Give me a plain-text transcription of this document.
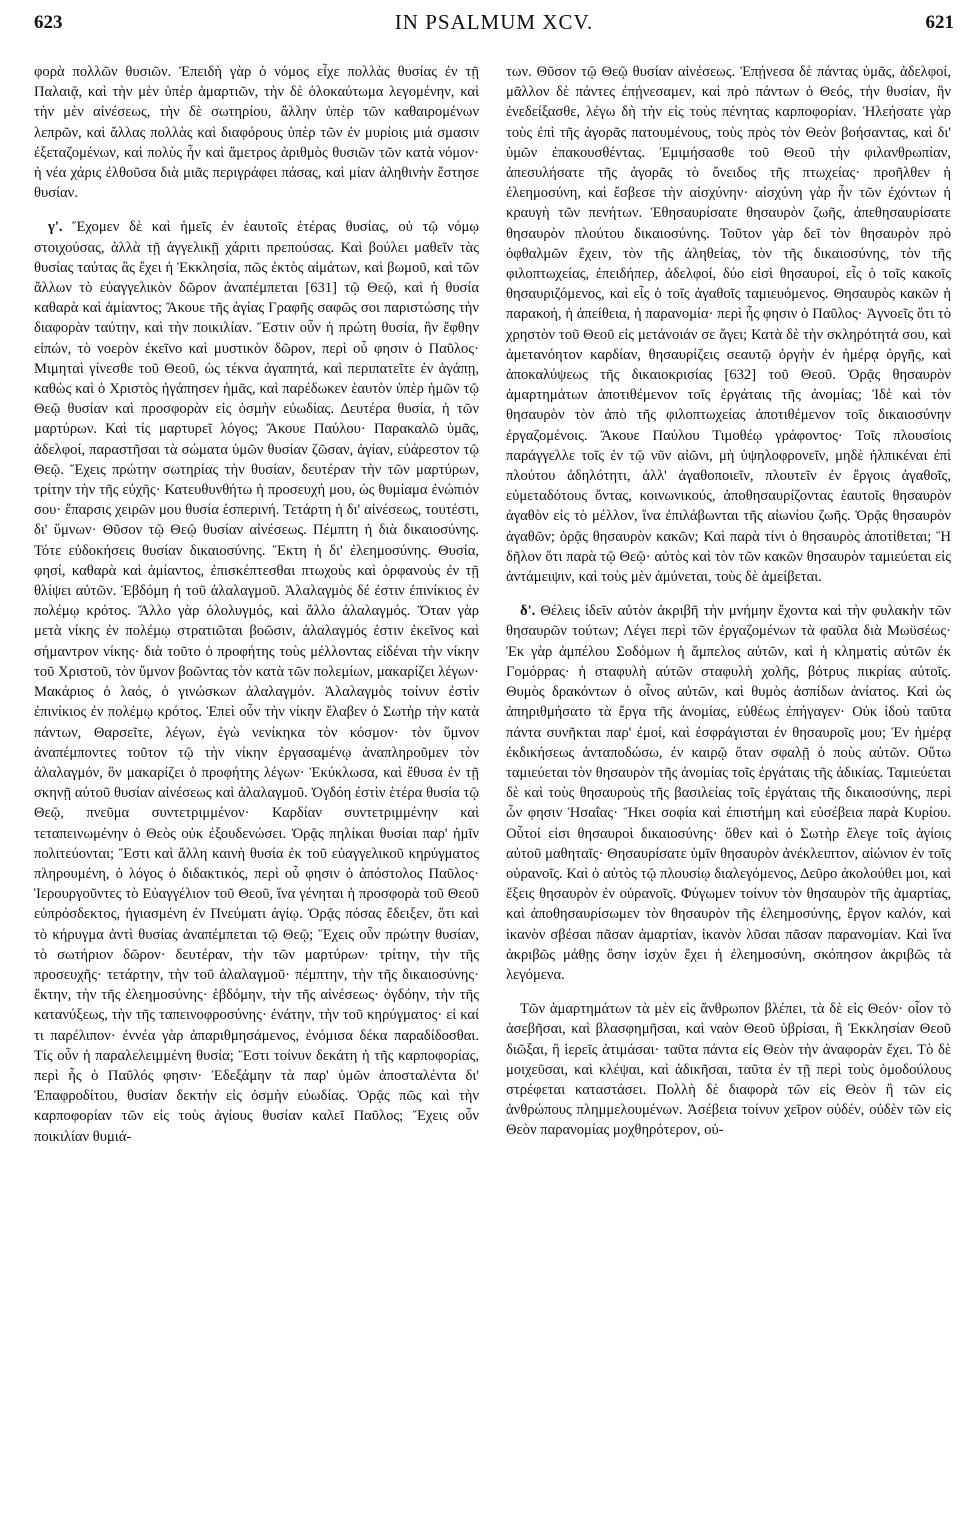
623	IN PSALMUM XCV.	621

φορὰ πολλῶν θυσιῶν. Ἐπειδὴ γὰρ ὁ νόμος εἶχε πολλὰς θυσίας ἐν τῇ Παλαιᾷ, καὶ τὴν μὲν ὑπὲρ ἁμαρτιῶν, τὴν δὲ ὁλοκαύτωμα λεγομένην, καὶ τὴν μὲν αἰνέσεως, τὴν δὲ σωτηρίου, ἄλλην ὑπὲρ τῶν καθαιρομένων λεπρῶν, καὶ ἄλλας πολλὰς καὶ διαφόρους ὑπὲρ τῶν ἐν μυρίοις μιά σμασιν ἐξεταζομένων, καὶ πολὺς ἦν καὶ ἄμετρος ἀριθμὸς θυσιῶν τῶν κατὰ νόμον· ἡ νέα χάρις ἐλθοῦσα διὰ μιᾶς περιγράφει πάσας, καὶ μίαν ἀληθινὴν ἔστησε θυσίαν.

γ'. Ἔχομεν δὲ καὶ ἡμεῖς ἐν ἑαυτοῖς ἑτέρας θυσίας, οὐ τῷ νόμῳ στοιχούσας, ἀλλὰ τῇ ἀγγελικῇ χάριτι πρεπούσας. Καὶ βούλει μαθεῖν τὰς θυσίας ταύτας ἃς ἔχει ἡ Ἐκκλησία, πῶς ἐκτὸς αἱμάτων, καὶ βωμοῦ, καὶ τῶν ἄλλων τὸ εὐαγγελικὸν δῶρον ἀναπέμπεται [631] τῷ Θεῷ, καὶ ἡ θυσία καθαρὰ καὶ ἀμίαντος; Ἄκουε τῆς ἁγίας Γραφῆς σαφῶς σοι παριστώσης τὴν διαφορὰν ταύτην, καὶ τὴν ποικιλίαν. Ἔστιν οὖν ἡ πρώτη θυσία, ἣν ἔφθην εἰπών, τὸ νοερὸν ἐκεῖνο καὶ μυστικὸν δῶρον, περὶ οὗ φησιν ὁ Παῦλος· Μιμηταὶ γίνεσθε τοῦ Θεοῦ, ὡς τέκνα ἀγαπητά, καὶ περιπατεῖτε ἐν ἀγάπῃ, καθὼς καὶ ὁ Χριστὸς ἠγάπησεν ἡμᾶς, καὶ παρέδωκεν ἑαυτὸν ὑπὲρ ἡμῶν τῷ Θεῷ θυσίαν καὶ προσφορὰν εἰς ὀσμὴν εὐωδίας. Δευτέρα θυσία, ἡ τῶν μαρτύρων. Καὶ τίς μαρτυρεῖ λόγος; Ἄκουε Παύλου· Παρακαλῶ ὑμᾶς, ἀδελφοί, παραστῆσαι τὰ σώματα ὑμῶν θυσίαν ζῶσαν, ἁγίαν, εὐάρεστον τῷ Θεῷ. Ἔχεις πρώτην σωτηρίας τὴν θυσίαν, δευτέραν τὴν τῶν μαρτύρων, τρίτην τὴν τῆς εὐχῆς· Κατευθυνθήτω ἡ προσευχή μου, ὡς θυμίαμα ἐνώπιόν σου· ἔπαρσις χειρῶν μου θυσία ἑσπερινή. Τετάρτη ἡ δι' αἰνέσεως, τουτέστι, δι' ὕμνων· Θῦσον τῷ Θεῷ θυσίαν αἰνέσεως. Πέμπτη ἡ διὰ δικαιοσύνης. Τότε εὐδοκήσεις θυσίαν δικαιοσύνης. Ἕκτη ἡ δι' ἐλεημοσύνης. Θυσία, φησί, καθαρὰ καὶ ἀμίαντος, ἐπισκέπτεσθαι πτωχοὺς καὶ ὀρφανοὺς ἐν τῇ θλίψει αὐτῶν. Ἑβδόμη ἡ τοῦ ἀλαλαγμοῦ. Ἀλαλαγμὸς δέ ἐστιν ἐπινίκιος ἐν πολέμῳ κρότος. Ἄλλο γὰρ ὀλολυγμός, καὶ ἄλλο ἀλαλαγμός. Ὅταν γὰρ μετὰ νίκης ἐν πολέμῳ στρατιῶται βοῶσιν, ἀλαλαγμός ἐστιν ἐκεῖνος καὶ σήμαντρον νίκης· διὰ τοῦτο ὁ προφήτης τοὺς μέλλοντας εἰδέναι τὴν νίκην τοῦ Χριστοῦ, τὸν ὕμνον βοῶντας τὸν κατὰ τῶν πολεμίων, μακαρίζει λέγων· Μακάριος ὁ λαός, ὁ γινώσκων ἀλαλαγμόν. Ἀλαλαγμὸς τοίνυν ἐστὶν ἐπινίκιος ἐν πολέμῳ κρότος. Ἐπεὶ οὖν τὴν νίκην ἔλαβεν ὁ Σωτὴρ τὴν κατὰ πάντων, Θαρσεῖτε, λέγων, ἐγὼ νενίκηκα τὸν κόσμον· τὸν ὕμνον ἀναπέμποντες τοῦτον τῷ τὴν νίκην ἐργασαμένῳ ἀναπληροῦμεν τὸν ἀλαλαγμόν, ὃν μακαρίζει ὁ προφήτης λέγων· Ἐκύκλωσα, καὶ ἔθυσα ἐν τῇ σκηνῇ αὐτοῦ θυσίαν αἰνέσεως καὶ ἀλαλαγμοῦ. Ὀγδόη ἐστὶν ἑτέρα θυσία τῷ Θεῷ, πνεῦμα συντετριμμένον· Καρδίαν συντετριμμένην καὶ τεταπεινωμένην ὁ Θεὸς οὐκ ἐξουδενώσει. Ὁρᾷς πηλίκαι θυσίαι παρ' ἡμῖν πολιτεύονται; Ἔστι καὶ ἄλλη καινὴ θυσία ἐκ τοῦ εὐαγγελικοῦ κηρύγματος πληρουμένη, ὁ λόγος ὁ διδακτικός, περὶ οὗ φησιν ὁ ἀπόστολος Παῦλος· Ἱερουργοῦντες τὸ Εὐαγγέλιον τοῦ Θεοῦ, ἵνα γένηται ἡ προσφορὰ τοῦ Θεοῦ εὐπρόσδεκτος, ἡγιασμένη ἐν Πνεύματι ἁγίῳ. Ὁρᾷς πόσας ἔδειξεν, ὅτι καὶ τὸ κήρυγμα ἀντὶ θυσίας ἀναπέμπεται τῷ Θεῷ; Ἔχεις οὖν πρώτην θυσίαν, τὸ σωτήριον δῶρον· δευτέραν, τὴν τῶν μαρτύρων· τρίτην, τὴν τῆς προσευχῆς· τετάρτην, τὴν τοῦ ἀλαλαγμοῦ· πέμπτην, τὴν τῆς δικαιοσύνης· ἕκτην, τὴν τῆς ἐλεημοσύνης· ἑβδόμην, τὴν τῆς αἰνέσεως· ὀγδόην, τὴν τῆς κατανύξεως, τὴν τῆς ταπεινοφροσύνης· ἐνάτην, τὴν τοῦ κηρύγματος· εἰ καί τι παρέλιπον· ἐννέα γὰρ ἀπαριθμησάμενος, ἐνόμισα δέκα παραδίδοσθαι. Τίς οὖν ἡ παραλελειμμένη θυσία; Ἔστι τοίνυν δεκάτη ἡ τῆς καρποφορίας, περὶ ἧς ὁ Παῦλός φησιν· Ἐδεξάμην τὰ παρ' ὑμῶν ἀποσταλέντα δι' Ἐπαφροδίτου, θυσίαν δεκτὴν εἰς ὀσμὴν εὐωδίας. Ὁρᾷς πῶς καὶ τὴν καρποφορίαν τῶν εἰς τοὺς ἁγίους θυσίαν καλεῖ Παῦλος; Ἔχεις οὖν ποικιλίαν θυμιά-

των. Θῦσον τῷ Θεῷ θυσίαν αἰνέσεως. Ἐπῄνεσα δὲ πάντας ὑμᾶς, ἀδελφοί, μᾶλλον δὲ πάντες ἐπῄνεσαμεν, καὶ πρὸ πάντων ὁ Θεός, τὴν θυσίαν, ἣν ἐνεδείξασθε, λέγω δὴ τὴν εἰς τοὺς πένητας καρποφορίαν. Ἠλεήσατε γὰρ τοὺς ἐπὶ τῆς ἀγορᾶς πατουμένους, τοὺς πρὸς τὸν Θεὸν βοήσαντας, καὶ δι' ὑμῶν ἐπακουσθέντας. Ἐμιμήσασθε τοῦ Θεοῦ τὴν φιλανθρωπίαν, ἀπεσυλήσατε τῆς ἀγορᾶς τὸ ὄνειδος τῆς πτωχείας· προῆλθεν ἡ ἐλεημοσύνη, καὶ ἔσβεσε τὴν αἰσχύνην· αἰσχύνη γὰρ ἦν τῶν ἐχόντων ἡ κραυγὴ τῶν πενήτων. Ἐθησαυρίσατε θησαυρὸν ζωῆς, ἀπεθησαυρίσατε θησαυρὸν πλούτου δικαιοσύνης. Τοῦτον γὰρ δεῖ τὸν θησαυρὸν πρὸ ὀφθαλμῶν ἔχειν, τὸν τῆς ἀληθείας, τὸν τῆς δικαιοσύνης, τὸν τῆς φιλοπτωχείας, ἐπειδήπερ, ἀδελφοί, δύο εἰσὶ θησαυροί, εἷς ὁ τοῖς κακοῖς θησαυριζόμενος, καὶ εἷς ὁ τοῖς ἀγαθοῖς ταμιευόμενος. Θησαυρὸς κακῶν ἡ παρακοή, ἡ ἀπείθεια, ἡ παρανομία· περὶ ἧς φησιν ὁ Παῦλος· Ἀγνοεῖς ὅτι τὸ χρηστὸν τοῦ Θεοῦ εἰς μετάνοιάν σε ἄγει; Κατὰ δὲ τὴν σκληρότητά σου, καὶ ἀμετανόητον καρδίαν, θησαυρίζεις σεαυτῷ ὀργὴν ἐν ἡμέρᾳ ὀργῆς, καὶ ἀποκαλύψεως τῆς δικαιοκρισίας [632] τοῦ Θεοῦ. Ὁρᾷς θησαυρὸν ἁμαρτημάτων ἀποτιθέμενον τοῖς ἐργάταις τῆς ἀνομίας; Ἰδὲ καὶ τὸν θησαυρὸν τὸν ἀπὸ τῆς φιλοπτωχείας ἀποτιθέμενον τοῖς δικαιοσύνην ἐργαζομένοις. Ἄκουε Παύλου Τιμοθέῳ γράφοντος· Τοῖς πλουσίοις παράγγελλε τοῖς ἐν τῷ νῦν αἰῶνι, μὴ ὑψηλοφρονεῖν, μηδὲ ἠλπικέναι ἐπὶ πλούτου ἀδηλότητι, ἀλλ' ἀγαθοποιεῖν, πλουτεῖν ἐν ἔργοις ἀγαθοῖς, εὐμεταδότους ὄντας, κοινωνικούς, ἀποθησαυρίζοντας ἑαυτοῖς θησαυρὸν ἀγαθὸν εἰς τὸ μέλλον, ἵνα ἐπιλάβωνται τῆς αἰωνίου ζωῆς. Ὁρᾷς θησαυρὸν ἀγαθῶν; ὁρᾷς θησαυρὸν κακῶν; Καὶ παρὰ τίνι ὁ θησαυρὸς ἀποτίθεται; Ἢ δῆλον ὅτι παρὰ τῷ Θεῷ· αὐτὸς καὶ τὸν τῶν κακῶν θησαυρὸν ταμιεύεται εἰς ἀντάμειψιν, καὶ τοὺς μὲν ἀμύνεται, τοὺς δὲ ἀμείβεται.

δ'. Θέλεις ἰδεῖν αὐτὸν ἀκριβῆ τὴν μνήμην ἔχοντα καὶ τὴν φυλακὴν τῶν θησαυρῶν τούτων; Λέγει περὶ τῶν ἐργαζομένων τὰ φαῦλα διὰ Μωϋσέως· Ἐκ γὰρ ἀμπέλου Σοδόμων ἡ ἄμπελος αὐτῶν, καὶ ἡ κληματὶς αὐτῶν ἐκ Γομόρρας· ἡ σταφυλὴ αὐτῶν σταφυλὴ χολῆς, βότρυς πικρίας αὐτοῖς. Θυμὸς δρακόντων ὁ οἶνος αὐτῶν, καὶ θυμὸς ἀσπίδων ἀνίατος. Καὶ ὡς ἀπηριθμήσατο τὰ ἔργα τῆς ἀνομίας, εὐθέως ἐπήγαγεν· Οὐκ ἰδοὺ ταῦτα πάντα συνῆκται παρ' ἐμοί, καὶ ἐσφράγισται ἐν θησαυροῖς μου; Ἐν ἡμέρᾳ ἐκδικήσεως ἀνταποδώσω, ἐν καιρῷ ὅταν σφαλῇ ὁ ποὺς αὐτῶν. Οὕτω ταμιεύεται τὸν θησαυρὸν τῆς ἀνομίας τοῖς ἐργάταις τῆς ἀδικίας. Ταμιεύεται δὲ καὶ τοὺς θησαυροὺς τῆς βασιλείας τοῖς ἐργάταις τῆς δικαιοσύνης, περὶ ὧν φησιν Ἡσαΐας· Ἥκει σοφία καὶ ἐπιστήμη καὶ εὐσέβεια παρὰ Κυρίου. Οὗτοί εἰσι θησαυροὶ δικαιοσύνης· ὅθεν καὶ ὁ Σωτὴρ ἔλεγε τοῖς ἁγίοις αὐτοῦ μαθηταῖς· Θησαυρίσατε ὑμῖν θησαυρὸν ἀνέκλειπτον, αἰώνιον ἐν τοῖς οὐρανοῖς. Καὶ ὁ αὐτὸς τῷ πλουσίῳ διαλεγόμενος, Δεῦρο ἀκολούθει μοι, καὶ ἕξεις θησαυρὸν ἐν οὐρανοῖς. Φύγωμεν τοίνυν τὸν θησαυρὸν τῆς ἁμαρτίας, καὶ ἀποθησαυρίσωμεν τὸν θησαυρὸν τῆς ἐλεημοσύνης, ἔργον καλόν, καὶ ἱκανὸν σβέσαι πᾶσαν ἁμαρτίαν, ἱκανὸν λῦσαι πᾶσαν παρανομίαν. Καὶ ἵνα ἀκριβῶς μάθῃς ὅσην ἰσχὺν ἔχει ἡ ἐλεημοσύνη, σκόπησον ἀκριβῶς τὰ λεγόμενα.

Τῶν ἁμαρτημάτων τὰ μὲν εἰς ἄνθρωπον βλέπει, τὰ δὲ εἰς Θεόν· οἷον τὸ ἀσεβῆσαι, καὶ βλασφημῆσαι, καὶ ναὸν Θεοῦ ὑβρίσαι, ἢ Ἐκκλησίαν Θεοῦ διῶξαι, ἢ ἱερεῖς ἀτιμάσαι· ταῦτα πάντα εἰς Θεὸν τὴν ἀναφορὰν ἔχει. Τὸ δὲ μοιχεῦσαι, καὶ κλέψαι, καὶ ἀδικῆσαι, ταῦτα ἐν τῇ περὶ τοὺς ὁμοδούλους στρέφεται καταστάσει. Πολλὴ δὲ διαφορὰ τῶν εἰς Θεὸν ἢ τῶν εἰς ἀνθρώπους πλημμελουμένων. Ἀσέβεια τοίνυν χεῖρον οὐδέν, οὐδὲν τῶν εἰς Θεὸν παρανομίας μοχθηρότερον, οὐ-
